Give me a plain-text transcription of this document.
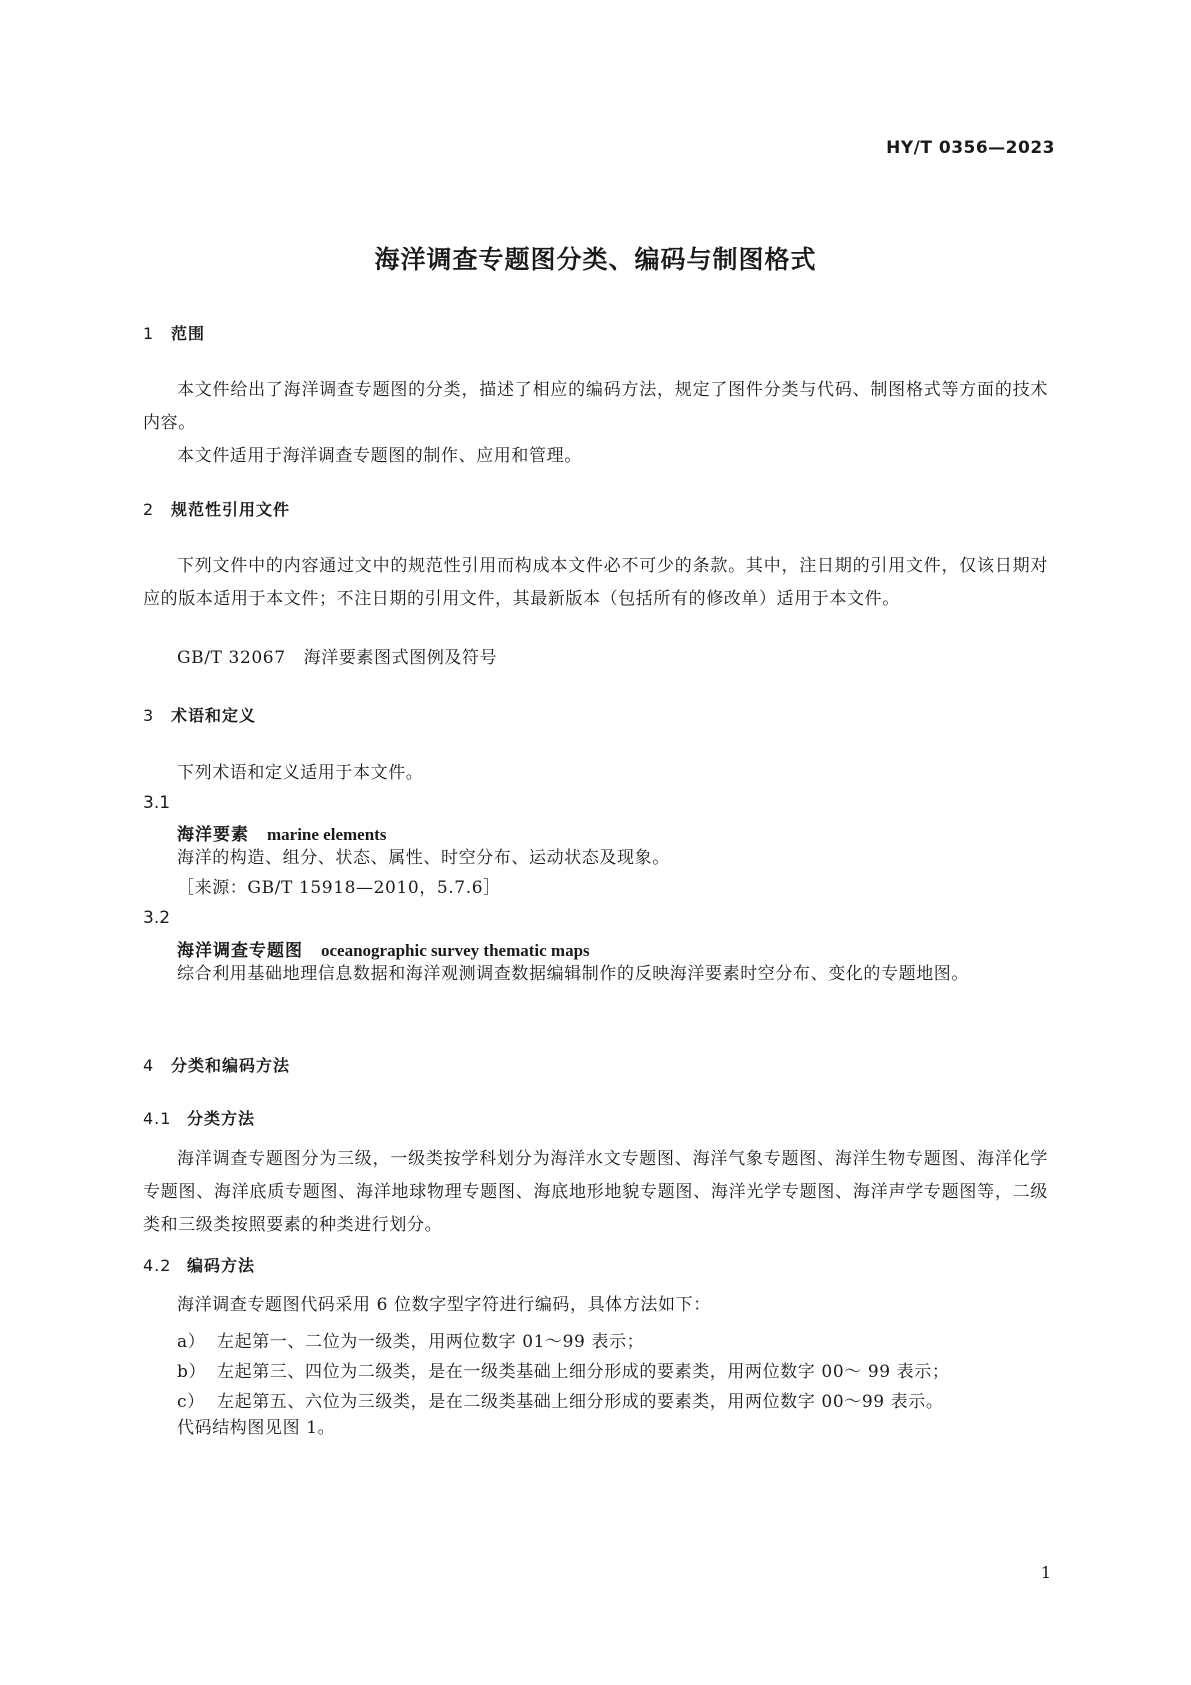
HY/T 0356—2023
海洋调查专题图分类、编码与制图格式
1 范围
本文件给出了海洋调查专题图的分类，描述了相应的编码方法，规定了图件分类与代码、制图格式等方面的技术内容。
本文件适用于海洋调查专题图的制作、应用和管理。
2 规范性引用文件
下列文件中的内容通过文中的规范性引用而构成本文件必不可少的条款。其中，注日期的引用文件，仅该日期对应的版本适用于本文件；不注日期的引用文件，其最新版本（包括所有的修改单）适用于本文件。
GB/T 32067 海洋要素图式图例及符号
3 术语和定义
下列术语和定义适用于本文件。
3.1
海洋要素 marine elements
海洋的构造、组分、状态、属性、时空分布、运动状态及现象。
［来源：GB/T 15918—2010，5.7.6］
3.2
海洋调查专题图 oceanographic survey thematic maps
综合利用基础地理信息数据和海洋观测调查数据编辑制作的反映海洋要素时空分布、变化的专题地图。
4 分类和编码方法
4.1 分类方法
海洋调查专题图分为三级，一级类按学科划分为海洋水文专题图、海洋气象专题图、海洋生物专题图、海洋化学专题图、海洋底质专题图、海洋地球物理专题图、海底地形地貌专题图、海洋光学专题图、海洋声学专题图等，二级类和三级类按照要素的种类进行划分。
4.2 编码方法
海洋调查专题图代码采用 6 位数字型字符进行编码，具体方法如下：
a） 左起第一、二位为一级类，用两位数字 01～99 表示；
b） 左起第三、四位为二级类，是在一级类基础上细分形成的要素类，用两位数字 00～ 99 表示；
c） 左起第五、六位为三级类，是在二级类基础上细分形成的要素类，用两位数字 00～99 表示。
代码结构图见图 1。
1
